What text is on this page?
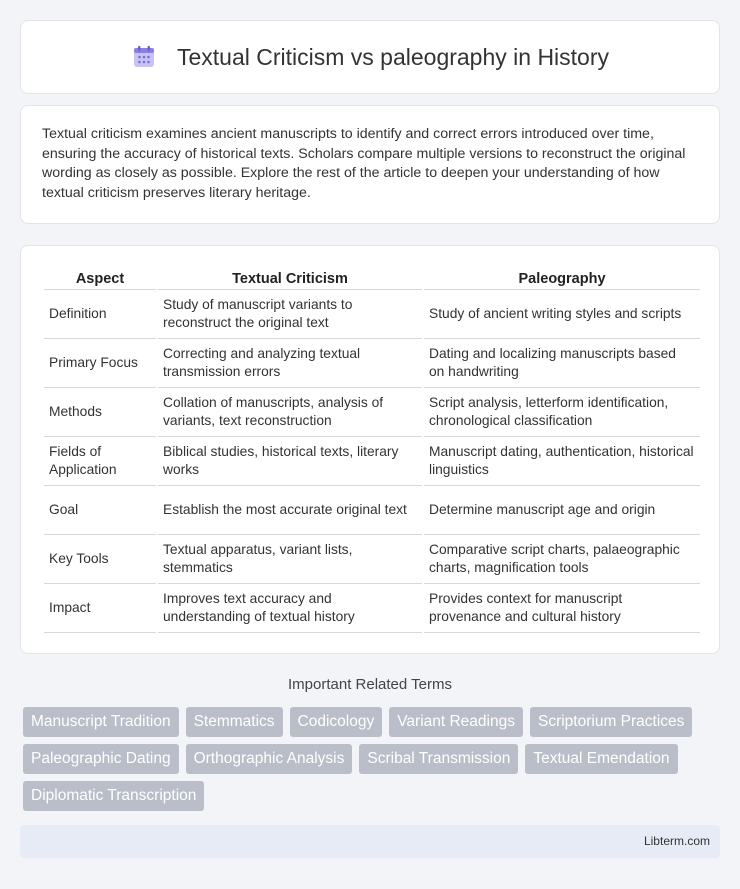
Textual Criticism vs paleography in History

Textual criticism examines ancient manuscripts to identify and correct errors introduced over time, ensuring the accuracy of historical texts. Scholars compare multiple versions to reconstruct the original wording as closely as possible. Explore the rest of the article to deepen your understanding of how textual criticism preserves literary heritage.

Aspect	Textual Criticism	Paleography
Definition	Study of manuscript variants to reconstruct the original text	Study of ancient writing styles and scripts
Primary Focus	Correcting and analyzing textual transmission errors	Dating and localizing manuscripts based on handwriting
Methods	Collation of manuscripts, analysis of variants, text reconstruction	Script analysis, letterform identification, chronological classification
Fields of Application	Biblical studies, historical texts, literary works	Manuscript dating, authentication, historical linguistics
Goal	Establish the most accurate original text	Determine manuscript age and origin
Key Tools	Textual apparatus, variant lists, stemmatics	Comparative script charts, palaeographic charts, magnification tools
Impact	Improves text accuracy and understanding of textual history	Provides context for manuscript provenance and cultural history
Important Related Terms
Manuscript Tradition	Stemmatics	Codicology	Variant Readings	Scriptorium Practices
Paleographic Dating	Orthographic Analysis	Scribal Transmission	Textual Emendation
Diplomatic Transcription
Libterm.com
